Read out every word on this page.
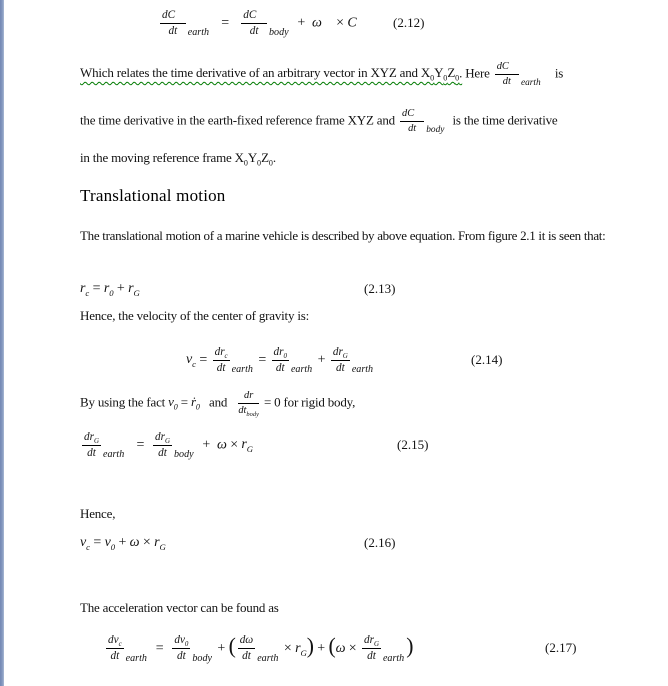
$\frac{dC⃗}{dt}$ earth
= $\frac{dC⃗}{dt}$ body
+  ω⃗ × C⃗ (2.12)
Which relates the time derivative of an arbitrary vector in XYZ and $X_0Y_0Z_0$. Here $\frac{dC⃗}{dt}$ earth
is
the time derivative in the earth-fixed reference frame XYZ and $\frac{dC⃗}{dt}$ body
is the time derivative
in the moving reference frame $X_0Y_0Z_0$.
Translational motion
The translational motion of a marine vehicle is described by above equation. From figure 2.1 it is seen that:
$r_c = r_0 + r_G$	(2.13)
Hence, the velocity of the center of gravity is:
$v_c = \frac{dr_c}{dt}$ earth
= $\frac{dr_0}{dt}$ earth
+ $\frac{dr_G}{dt}$ earth
(2.14)
By using the fact $v_0$ = ṙ$_0$   and $\frac{dr}{dt_{body}} = 0$ for rigid body,
$\frac{dr_G}{dt}$ earth
= $\frac{dr_G}{dt}$ body
+  $\omega \times r_G$	(2.15)
Hence,
$v_c = v_0 + \omega \times r_G$	(2.16)
The acceleration vector can be found as
$\frac{dv_c}{dt}$ earth
= $\frac{dv_0}{dt}$ body
+ ( $\frac{d\omega}{dt}$ earth
× $r_G) + (\omega \times \frac{dr_G}{dt}$ earth
)	(2.17)
